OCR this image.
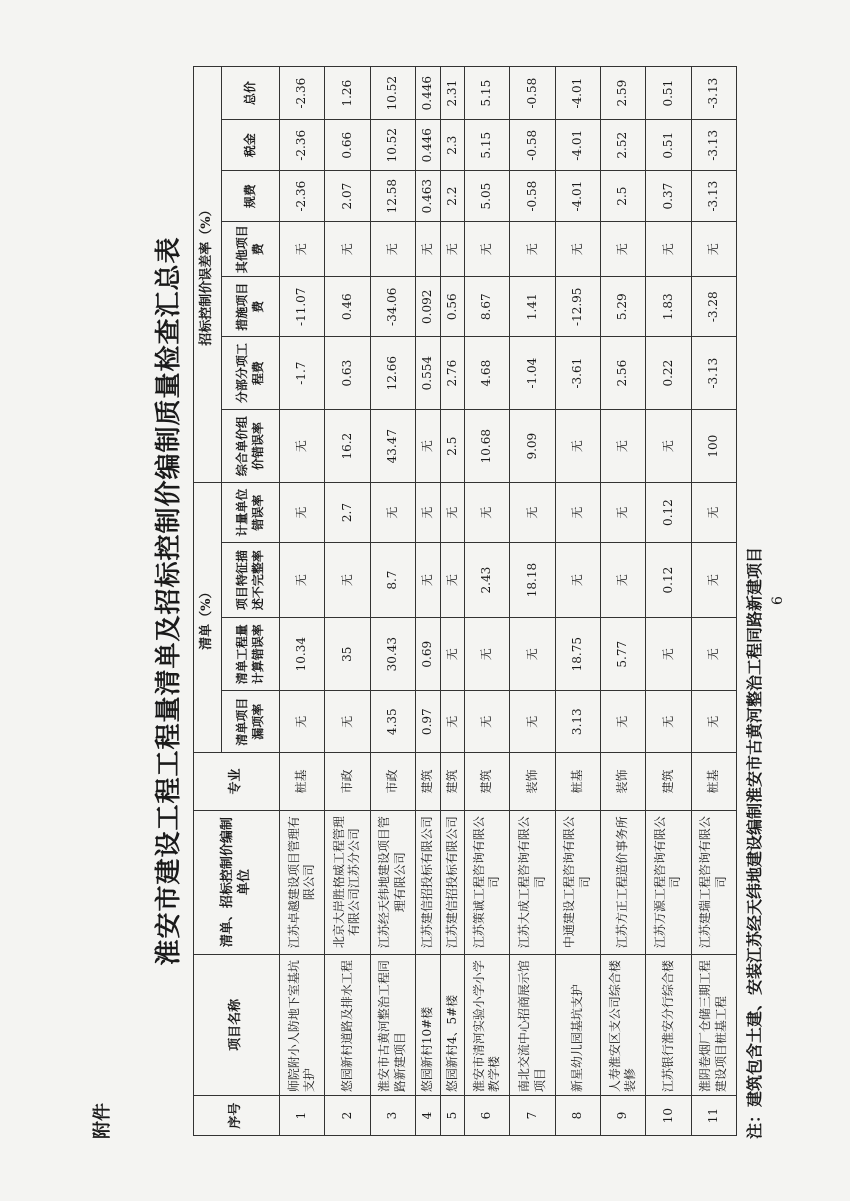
附件
淮安市建设工程工程量清单及招标控制价编制质量检查汇总表
序号	项目名称	清单、招标控制价编制单位	专业	清单（%）				招标控制价误差率（%）						
				清单项目漏项率	清单工程量计算错误率	项目特征描述不完整率	计量单位错误率	综合单价组价错误率	分部分项工程费	措施项目费	其他项目费	规费	税金	总价
1	师院附小人防地下室基坑支护	江苏卓越建设项目管理有限公司	桩基	无	10.34	无	无	无	-1.7	-11.07	无	-2.36	-2.36	-2.36
2	悠园新村道路及排水工程	北京大岸胜格威工程管理有限公司江苏分公司	市政	无	35	无	2.7	16.2	0.63	0.46	无	2.07	0.66	1.26
3	淮安市古黄河整治工程同路新建项目	江苏经天纬地建设项目管理有限公司	市政	4.35	30.43	8.7	无	43.47	12.66	-34.06	无	12.58	10.52	10.52
4	悠园新村10#楼	江苏建信招投标有限公司	建筑	0.97	0.69	无	无	无	0.554	0.092	无	0.463	0.446	0.446
5	悠园新村4、5#楼	江苏建信招投标有限公司	建筑	无	无	无	无	2.5	2.76	0.56	无	2.2	2.3	2.31
6	淮安市清河实验小学小学教学楼	江苏策诚工程咨询有限公司	建筑	无	无	2.43	无	10.68	4.68	8.67	无	5.05	5.15	5.15
7	南北交流中心招商展示馆项目	江苏大成工程咨询有限公司	装饰	无	无	18.18	无	9.09	-1.04	1.41	无	-0.58	-0.58	-0.58
8	新星幼儿园基坑支护	中通建设工程咨询有限公司	桩基	3.13	18.75	无	无	无	-3.61	-12.95	无	-4.01	-4.01	-4.01
9	人寿淮安区支公司综合楼装修	江苏方正工程造价事务所	装饰	无	5.77	无	无	无	2.56	5.29	无	2.5	2.52	2.59
10	江苏银行淮安分行综合楼	江苏万源工程咨询有限公司	建筑	无	无	0.12	0.12	无	0.22	1.83	无	0.37	0.51	0.51
11	淮阴卷烟厂仓储三期工程建设项目桩基工程	江苏建瑞工程咨询有限公司	桩基	无	无	无	无	100	-3.13	-3.28	无	-3.13	-3.13	-3.13
注：建筑包含土建、安装江苏经天纬地建设编制淮安市古黄河整治工程同路新建项目 6
